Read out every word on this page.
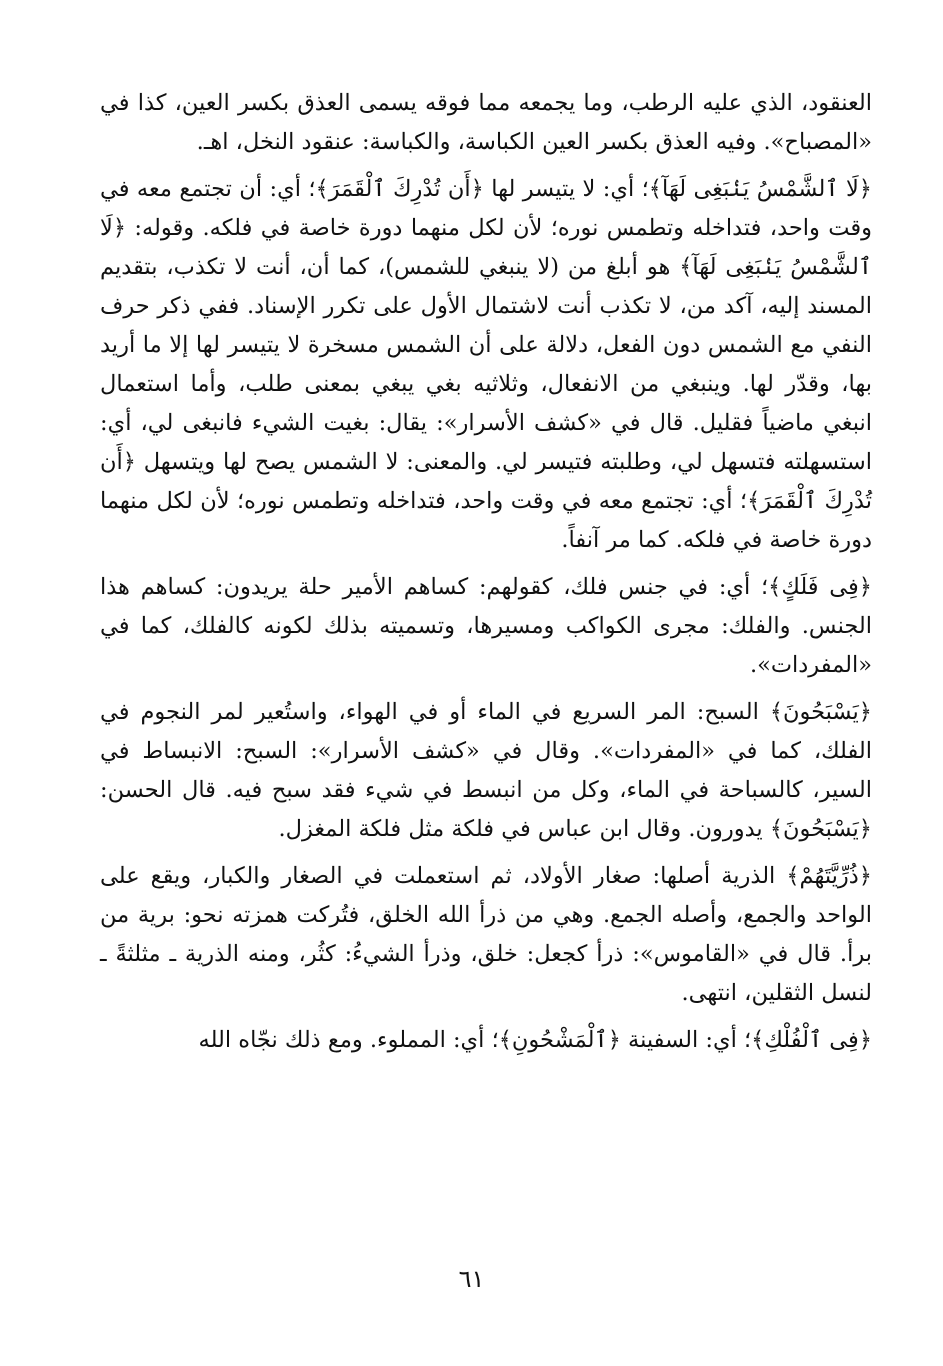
العنقود، الذي عليه الرطب، وما يجمعه مما فوقه يسمى العذق بكسر العين، كذا في «المصباح». وفيه العذق بكسر العين الكباسة، والكباسة: عنقود النخل، اهـ.

﴿لَا ٱلشَّمْسُ يَنۢبَغِى لَهَآ﴾؛ أي: لا يتيسر لها ﴿أَن تُدْرِكَ ٱلْقَمَرَ﴾؛ أي: أن تجتمع معه في وقت واحد، فتداخله وتطمس نوره؛ لأن لكل منهما دورة خاصة في فلكه. وقوله: ﴿لَا ٱلشَّمْسُ يَنۢبَغِى لَهَآ﴾ هو أبلغ من (لا ينبغي للشمس)، كما أن، أنت لا تكذب، بتقديم المسند إليه، آكد من، لا تكذب أنت لاشتمال الأول على تكرر الإسناد. ففي ذكر حرف النفي مع الشمس دون الفعل، دلالة على أن الشمس مسخرة لا يتيسر لها إلا ما أريد بها، وقدّر لها. وينبغي من الانفعال، وثلاثيه بغي يبغي بمعنى طلب، وأما استعمال انبغي ماضياً فقليل. قال في «كشف الأسرار»: يقال: بغيت الشيء فانبغى لي، أي: استسهلته فتسهل لي، وطلبته فتيسر لي. والمعنى: لا الشمس يصح لها ويتسهل ﴿أَن تُدْرِكَ ٱلْقَمَرَ﴾؛ أي: تجتمع معه في وقت واحد، فتداخله وتطمس نوره؛ لأن لكل منهما دورة خاصة في فلكه. كما مر آنفاً.

﴿فِى فَلَكٍ﴾؛ أي: في جنس فلك، كقولهم: كساهم الأمير حلة يريدون: كساهم هذا الجنس. والفلك: مجرى الكواكب ومسيرها، وتسميته بذلك لكونه كالفلك، كما في «المفردات».

﴿يَسْبَحُونَ﴾ السبح: المر السريع في الماء أو في الهواء، واستُعير لمر النجوم في الفلك، كما في «المفردات». وقال في «كشف الأسرار»: السبح: الانبساط في السير، كالسباحة في الماء، وكل من انبسط في شيء فقد سبح فيه. قال الحسن: ﴿يَسْبَحُونَ﴾ يدورون. وقال ابن عباس في فلكة مثل فلكة المغزل.

﴿ذُرِّيَّتَهُمْ﴾ الذرية أصلها: صغار الأولاد، ثم استعملت في الصغار والكبار، ويقع على الواحد والجمع، وأصله الجمع. وهي من ذرأ الله الخلق، فتُركت همزته نحو: برية من برأ. قال في «القاموس»: ذرأ كجعل: خلق، وذرأ الشيءُ: كثُر، ومنه الذرية ـ مثلثةً ـ لنسل الثقلين، انتهى.

﴿فِى ٱلْفُلْكِ﴾؛ أي: السفينة ﴿ٱلْمَشْحُونِ﴾؛ أي: المملوء. ومع ذلك نجّاه الله

٦١
